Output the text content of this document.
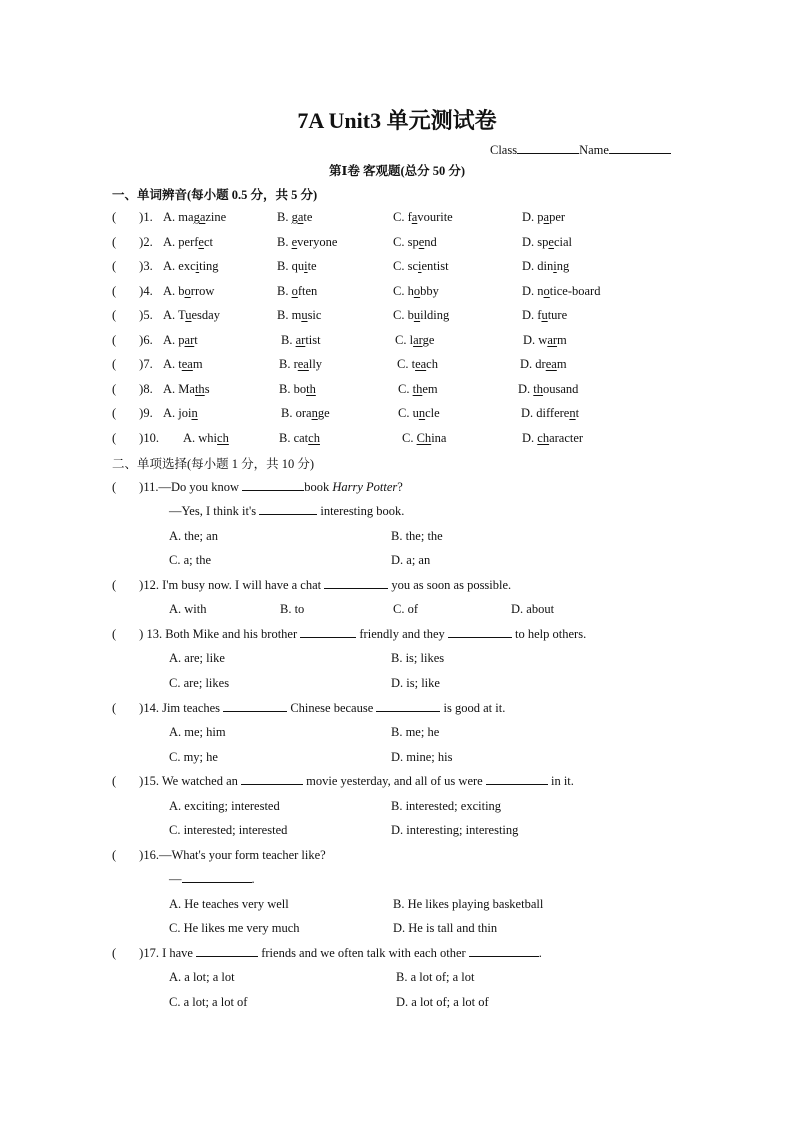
7A Unit3 单元测试卷
Class	Name
第Ⅰ卷 客观题(总分 50 分)
一、单词辨音(每小题 0.5 分，共 5 分)
( )1. A. magazine	B. gate	C. favourite	D. paper
( )2. A. perfect	B. everyone	C. spend	D. special
( )3. A. exciting	B. quite	C. scientist	D. dining
( )4. A. borrow	B. often	C. hobby	D. notice-board
( )5. A. Tuesday	B. music	C. building	D. future
( )6. A. part	B. artist	C. large	D. warm
( )7. A. team	B. really	C. teach	D. dream
( )8. A. Maths	B. both	C. them	D. thousand
( )9. A. join	B. orange	C. uncle	D. different
( )10. A. which	B. catch	C. China	D. character
二、单项选择(每小题 1 分，共 10 分)
( )11.—Do you know	book Harry Potter?
—Yes, I think it's	interesting book.
A. the; an	B. the; the
C. a; the	D. a; an
( )12. I'm busy now. I will have a chat	you as soon as possible.
A. with	B. to	C. of	D. about
( ) 13. Both Mike and his brother	friendly and they	to help others.
A. are; like	B. is; likes
C. are; likes	D. is; like
( )14. Jim teaches	Chinese because	is good at it.
A. me; him	B. me; he
C. my; he	D. mine; his
( )15. We watched an	movie yesterday, and all of us were	in it.
A. exciting; interested	B. interested; exciting
C. interested; interested	D. interesting; interesting
( )16.—What's your form teacher like?
—	.
A. He teaches very well	B. He likes playing basketball
C. He likes me very much	D. He is tall and thin
( )17. I have	friends and we often talk with each other	.
A. a lot; a lot	B. a lot of; a lot
C. a lot; a lot of	D. a lot of; a lot of
